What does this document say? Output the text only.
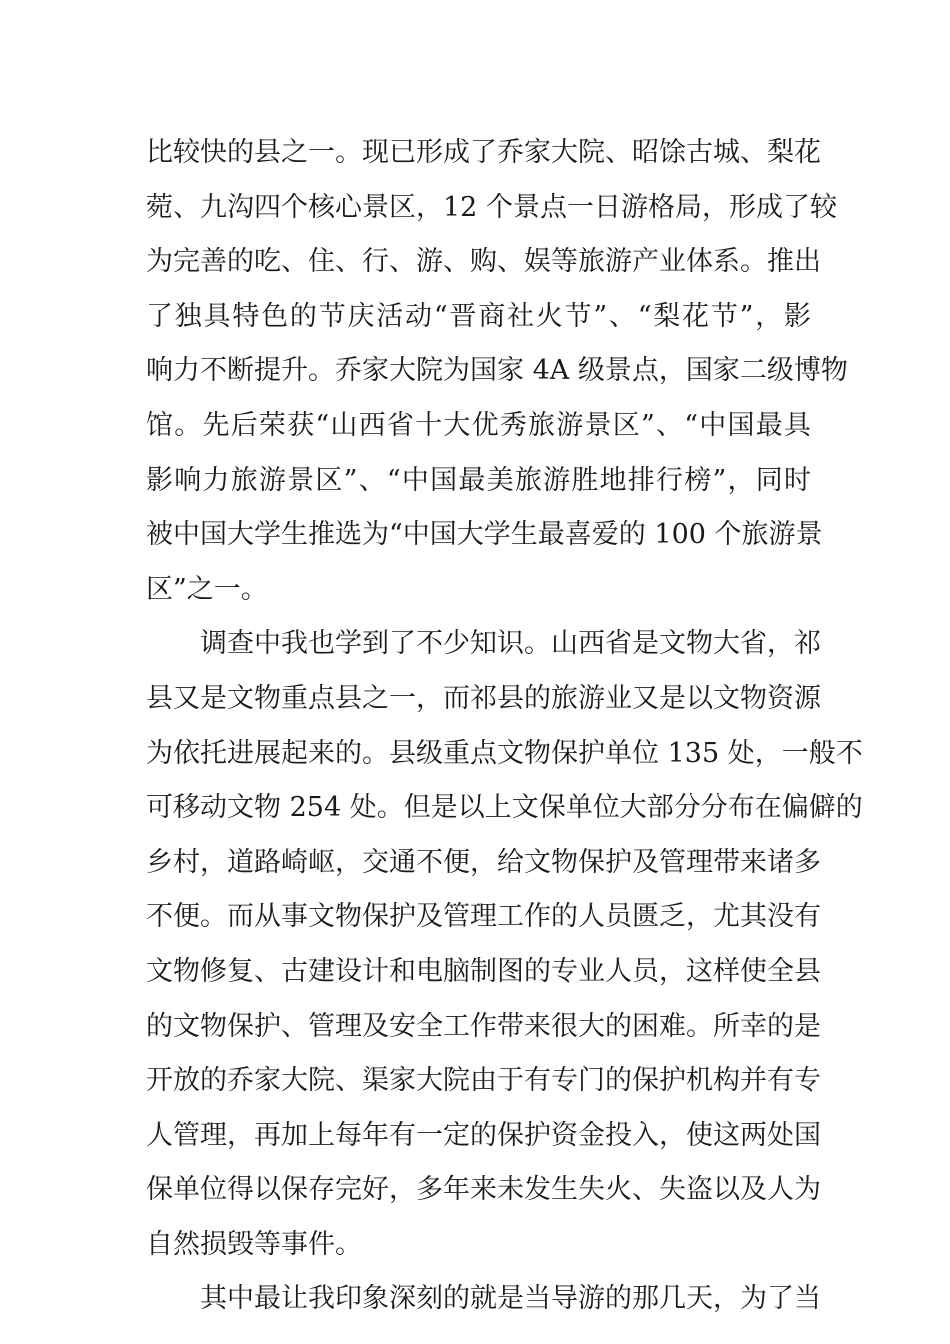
比较快的县之一。现已形成了乔家大院、昭馀古城、梨花
菀、九沟四个核心景区，12 个景点一日游格局，形成了较
为完善的吃、住、行、游、购、娱等旅游产业体系。推出
了独具特色的节庆活动“晋商社火节”、“梨花节”，影
响力不断提升。乔家大院为国家 4A 级景点，国家二级博物
馆。先后荣获“山西省十大优秀旅游景区”、“中国最具
影响力旅游景区”、“中国最美旅游胜地排行榜”，同时
被中国大学生推选为“中国大学生最喜爱的 100 个旅游景
区”之一。
调查中我也学到了不少知识。山西省是文物大省，祁
县又是文物重点县之一，而祁县的旅游业又是以文物资源
为依托进展起来的。县级重点文物保护单位 135 处，一般不
可移动文物 254 处。但是以上文保单位大部分分布在偏僻的
乡村，道路崎岖，交通不便，给文物保护及管理带来诸多
不便。而从事文物保护及管理工作的人员匮乏，尤其没有
文物修复、古建设计和电脑制图的专业人员，这样使全县
的文物保护、管理及安全工作带来很大的困难。所幸的是
开放的乔家大院、渠家大院由于有专门的保护机构并有专
人管理，再加上每年有一定的保护资金投入，使这两处国
保单位得以保存完好，多年来未发生失火、失盗以及人为
自然损毁等事件。
其中最让我印象深刻的就是当导游的那几天，为了当
